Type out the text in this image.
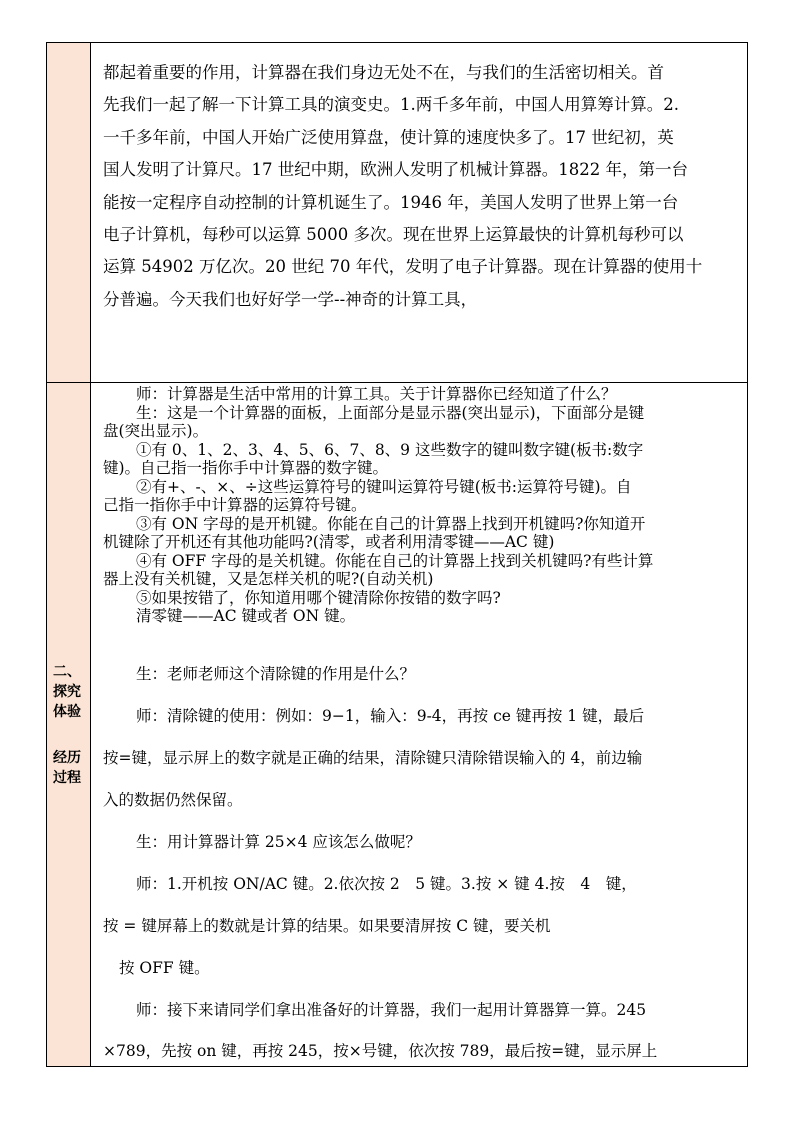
二、
探究
体验
经历
过程
都起着重要的作用，计算器在我们身边无处不在，与我们的生活密切相关。首
先我们一起了解一下计算工具的演变史。1.两千多年前，中国人用算筹计算。2.
一千多年前，中国人开始广泛使用算盘，使计算的速度快多了。17 世纪初，英
国人发明了计算尺。17 世纪中期，欧洲人发明了机械计算器。1822 年，第一台
能按一定程序自动控制的计算机诞生了。1946 年，美国人发明了世界上第一台
电子计算机，每秒可以运算 5000 多次。现在世界上运算最快的计算机每秒可以
运算 54902 万亿次。20 世纪 70 年代，发明了电子计算器。现在计算器的使用十
分普遍。今天我们也好好学一学--神奇的计算工具，
师：计算器是生活中常用的计算工具。关于计算器你已经知道了什么？
生：这是一个计算器的面板，上面部分是显示器(突出显示)，下面部分是键
盘(突出显示)。
①有 0、1、2、3、4、5、6、7、8、9 这些数字的键叫数字键(板书:数字
键)。自己指一指你手中计算器的数字键。
②有+、-、×、÷这些运算符号的键叫运算符号键(板书:运算符号键)。自
己指一指你手中计算器的运算符号键。
③有 ON 字母的是开机键。你能在自己的计算器上找到开机键吗?你知道开
机键除了开机还有其他功能吗?(清零，或者利用清零键——AC 键)
④有 OFF 字母的是关机键。你能在自己的计算器上找到关机键吗?有些计算
器上没有关机键，又是怎样关机的呢?(自动关机)
⑤如果按错了，你知道用哪个键清除你按错的数字吗?
清零键——AC 键或者 ON 键。
生：老师老师这个清除键的作用是什么？
师：清除键的使用：例如：9−1，输入：9-4，再按 ce 键再按 1 键，最后
按=键，显示屏上的数字就是正确的结果，清除键只清除错误输入的 4，前边输
入的数据仍然保留。
生：用计算器计算 25×4 应该怎么做呢？
师：1.开机按 ON/AC 键。2.依次按 2　5 键。3.按 × 键 4.按　4　键，
按 = 键屏幕上的数就是计算的结果。如果要清屏按 C 键，要关机
按 OFF 键。
师：接下来请同学们拿出准备好的计算器，我们一起用计算器算一算。245
×789，先按 on 键，再按 245，按×号键，依次按 789，最后按=键，显示屏上
